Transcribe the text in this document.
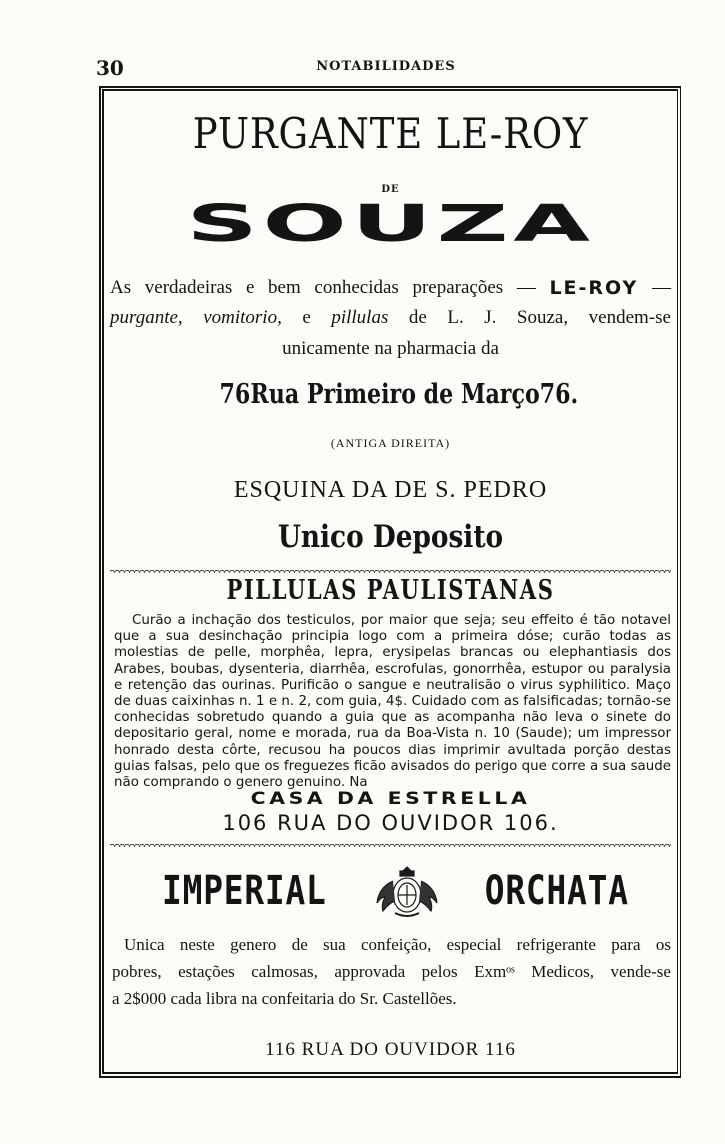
30	NOTABILIDADES
PURGANTE LE-ROY
DE
SOUZA
As verdadeiras e bem conhecidas preparações — LE-ROY —
purgante, vomitorio, e pillulas de L. J. Souza, vendem-se
unicamente na pharmacia da
76 Rua Primeiro de Março 76.
(ANTIGA DIREITA)
ESQUINA DA DE S. PEDRO
Unico Deposito
PILLULAS PAULISTANAS

Curão a inchação dos testiculos, por maior que seja; seu effeito é tão notavel que a sua desinchação principia logo com a primeira dóse; curão todas as molestias de pelle, morphêa, lepra, erysipelas brancas ou elephantiasis dos Arabes, boubas, dysenteria, diarrhêa, escrofulas, gonorrhêa, estupor ou paralysia e retenção das ourinas. Purificão o sangue e neutralisão o virus syphilitico. Maço de duas caixinhas n. 1 e n. 2, com guia, 4$. Cuidado com as falsificadas; tornão-se conhecidas sobretudo quando a guia que as acompanha não leva o sinete do depositario geral, nome e morada, rua da Boa-Vista n. 10 (Saude); um impressor honrado desta côrte, recusou ha poucos dias imprimir avultada porção destas guias falsas, pelo que os freguezes ficão avisados do perigo que corre a sua saude não comprando o genero genuino. Na

CASA DA ESTRELLA
106 RUA DO OUVIDOR 106.
IMPERIAL	ORCHATA
Unica neste genero de sua confeição, especial refrigerante para os
pobres, estações calmosas, approvada pelos Exmᵒˢ Medicos, vende-se
a 2$000 cada libra na confeitaria do Sr. Castellões.
116 RUA DO OUVIDOR 116
